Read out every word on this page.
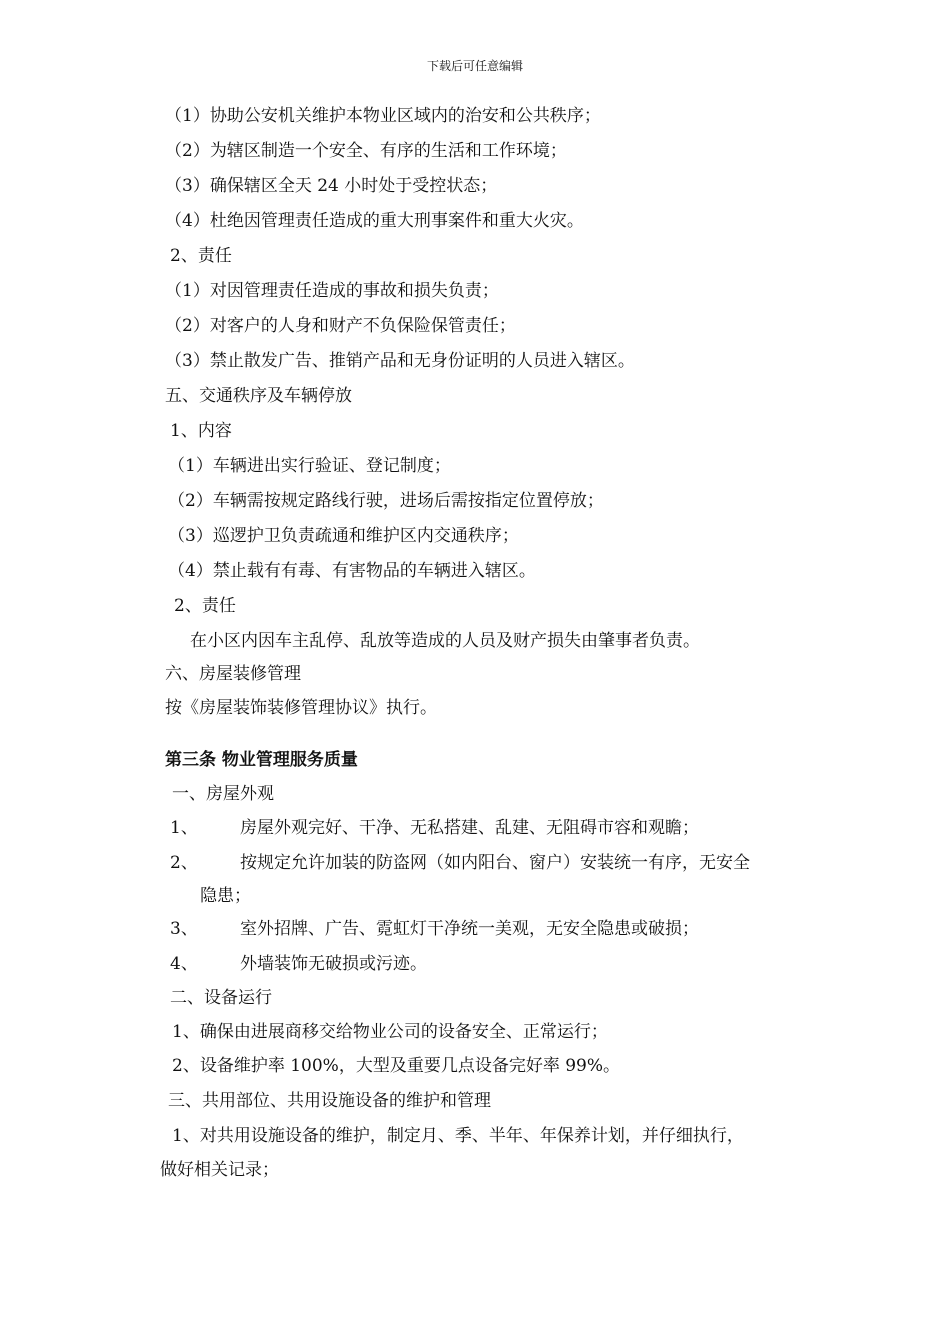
下载后可任意编辑
（1）协助公安机关维护本物业区域内的治安和公共秩序；
（2）为辖区制造一个安全、有序的生活和工作环境；
（3）确保辖区全天 24 小时处于受控状态；
（4）杜绝因管理责任造成的重大刑事案件和重大火灾。
2、责任
（1）对因管理责任造成的事故和损失负责；
（2）对客户的人身和财产不负保险保管责任；
（3）禁止散发广告、推销产品和无身份证明的人员进入辖区。
五、交通秩序及车辆停放
1、内容
（1）车辆进出实行验证、登记制度；
（2）车辆需按规定路线行驶，进场后需按指定位置停放；
（3）巡逻护卫负责疏通和维护区内交通秩序；
（4）禁止载有有毒、有害物品的车辆进入辖区。
2、责任
在小区内因车主乱停、乱放等造成的人员及财产损失由肇事者负责。
六、房屋装修管理
按《房屋装饰装修管理协议》执行。
第三条 物业管理服务质量
一、房屋外观
1、 房屋外观完好、干净、无私搭建、乱建、无阻碍市容和观瞻；
2、 按规定允许加装的防盗网（如内阳台、窗户）安装统一有序，无安全
隐患；
3、 室外招牌、广告、霓虹灯干净统一美观，无安全隐患或破损；
4、 外墙装饰无破损或污迹。
二、设备运行
1、确保由进展商移交给物业公司的设备安全、正常运行；
2、设备维护率 100%，大型及重要几点设备完好率 99%。
三、共用部位、共用设施设备的维护和管理
1、对共用设施设备的维护，制定月、季、半年、年保养计划，并仔细执行，
做好相关记录；
